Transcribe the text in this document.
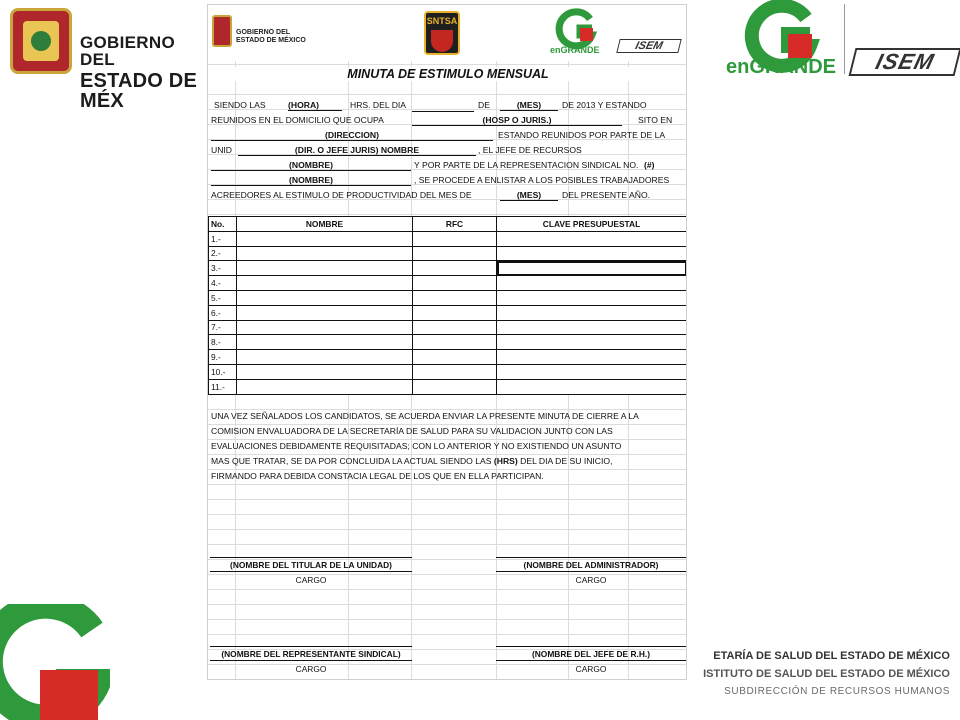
GOBIERNO DEL
ESTADO DE MÉX
enGRANDE	ISEM
ETARÍA DE SALUD DEL ESTADO DE MÉXICO
ISTITUTO DE SALUD DEL ESTADO DE MÉXICO
SUBDIRECCIÓN DE RECURSOS HUMANOS
GOBIERNO DEL
ESTADO DE MÉXICO
SNTSA
enGRANDE	ISEM
MINUTA DE ESTIMULO MENSUAL
SIENDO LAS	(HORA)	HRS. DEL DIA	DE	(MES)	DE 2013 Y ESTANDO
REUNIDOS EN EL DOMICILIO QUE OCUPA	(HOSP O JURIS.)	SITO EN
(DIRECCION)	ESTANDO REUNIDOS POR PARTE DE LA
UNID	(DIR. O JEFE JURIS) NOMBRE	, EL JEFE DE RECURSOS
(NOMBRE)	Y POR PARTE DE LA REPRESENTACION SINDICAL NO. (#)
(NOMBRE)	, SE PROCEDE A ENLISTAR A LOS POSIBLES TRABAJADORES
ACREEDORES AL ESTIMULO DE PRODUCTIVIDAD DEL MES DE	(MES)	DEL PRESENTE AÑO.
No.	NOMBRE	RFC	CLAVE PRESUPUESTAL
1.-			
2.-			
3.-			
4.-			
5.-			
6.-			
7.-			
8.-			
9.-			
10.-			
11.-			
UNA VEZ SEÑALADOS LOS CANDIDATOS, SE ACUERDA ENVIAR LA PRESENTE MINUTA DE CIERRE A LA
COMISION ENVALUADORA DE LA SECRETARÍA DE SALUD PARA SU VALIDACION JUNTO CON LAS
EVALUACIONES DEBIDAMENTE REQUISITADAS; CON LO ANTERIOR Y NO EXISTIENDO UN ASUNTO
MAS QUE TRATAR, SE DA POR CONCLUIDA LA ACTUAL SIENDO LAS (HRS) DEL DIA DE SU INICIO,
FIRMANDO PARA DEBIDA CONSTACIA LEGAL DE LOS QUE EN ELLA PARTICIPAN.
(NOMBRE DEL TITULAR DE LA UNIDAD)
CARGO
(NOMBRE DEL ADMINISTRADOR)
CARGO
(NOMBRE DEL REPRESENTANTE SINDICAL)
CARGO
(NOMBRE DEL JEFE DE R.H.)
CARGO
